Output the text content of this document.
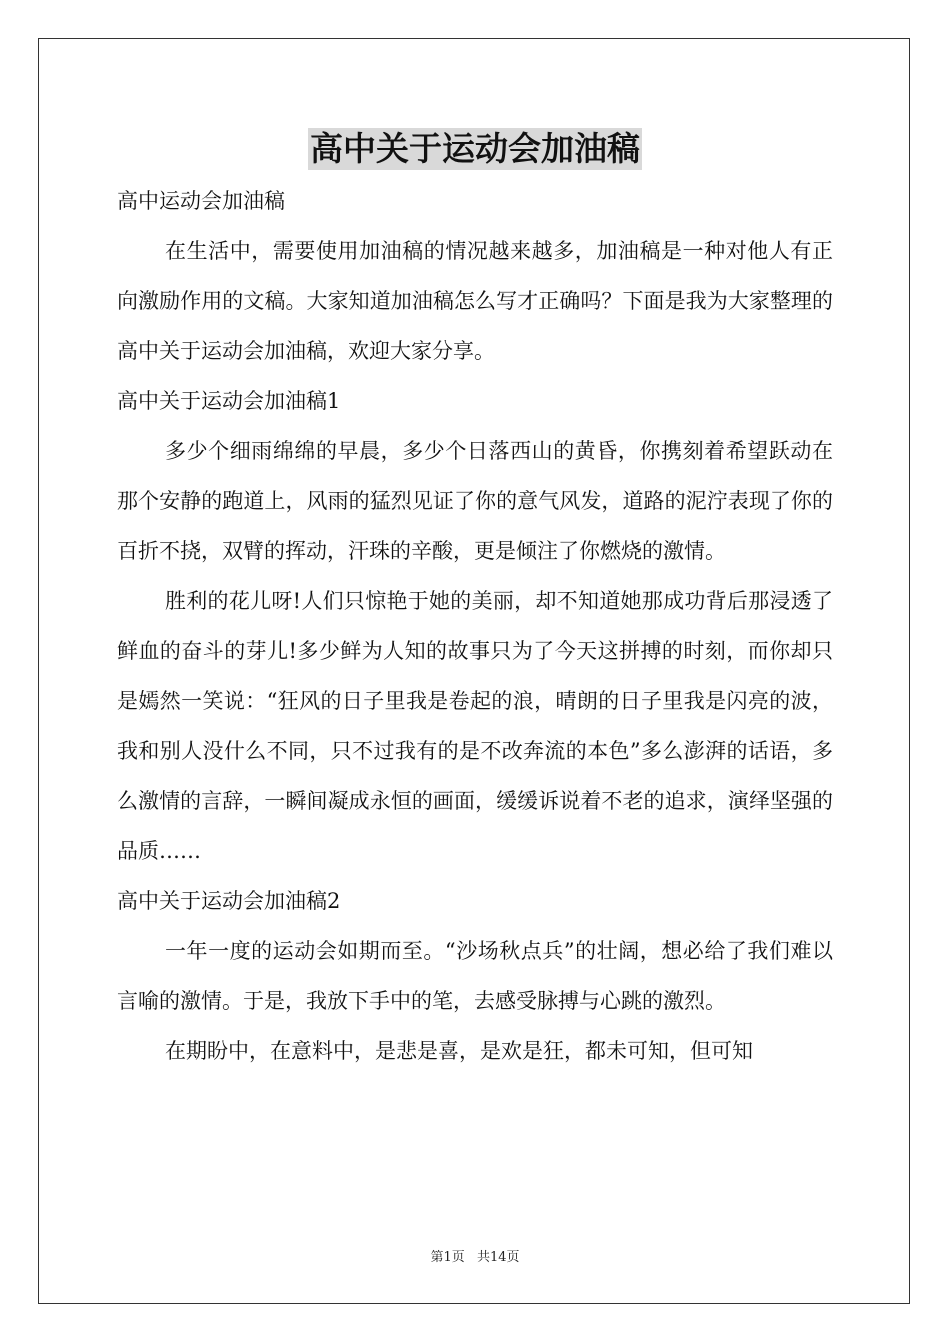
高中关于运动会加油稿

高中运动会加油稿

在生活中，需要使用加油稿的情况越来越多，加油稿是一种对他人有正向激励作用的文稿。大家知道加油稿怎么写才正确吗？下面是我为大家整理的高中关于运动会加油稿，欢迎大家分享。

高中关于运动会加油稿1

多少个细雨绵绵的早晨，多少个日落西山的黄昏，你携刻着希望跃动在那个安静的跑道上，风雨的猛烈见证了你的意气风发，道路的泥泞表现了你的百折不挠，双臂的挥动，汗珠的辛酸，更是倾注了你燃烧的激情。

胜利的花儿呀!人们只惊艳于她的美丽，却不知道她那成功背后那浸透了鲜血的奋斗的芽儿!多少鲜为人知的故事只为了今天这拼搏的时刻，而你却只是嫣然一笑说：“狂风的日子里我是卷起的浪，晴朗的日子里我是闪亮的波，我和别人没什么不同，只不过我有的是不改奔流的本色”多么澎湃的话语，多么激情的言辞，一瞬间凝成永恒的画面，缓缓诉说着不老的追求，演绎坚强的品质……

高中关于运动会加油稿2

一年一度的运动会如期而至。“沙场秋点兵”的壮阔，想必给了我们难以言喻的激情。于是，我放下手中的笔，去感受脉搏与心跳的激烈。

在期盼中，在意料中，是悲是喜，是欢是狂，都未可知，但可知

第1页 共14页
